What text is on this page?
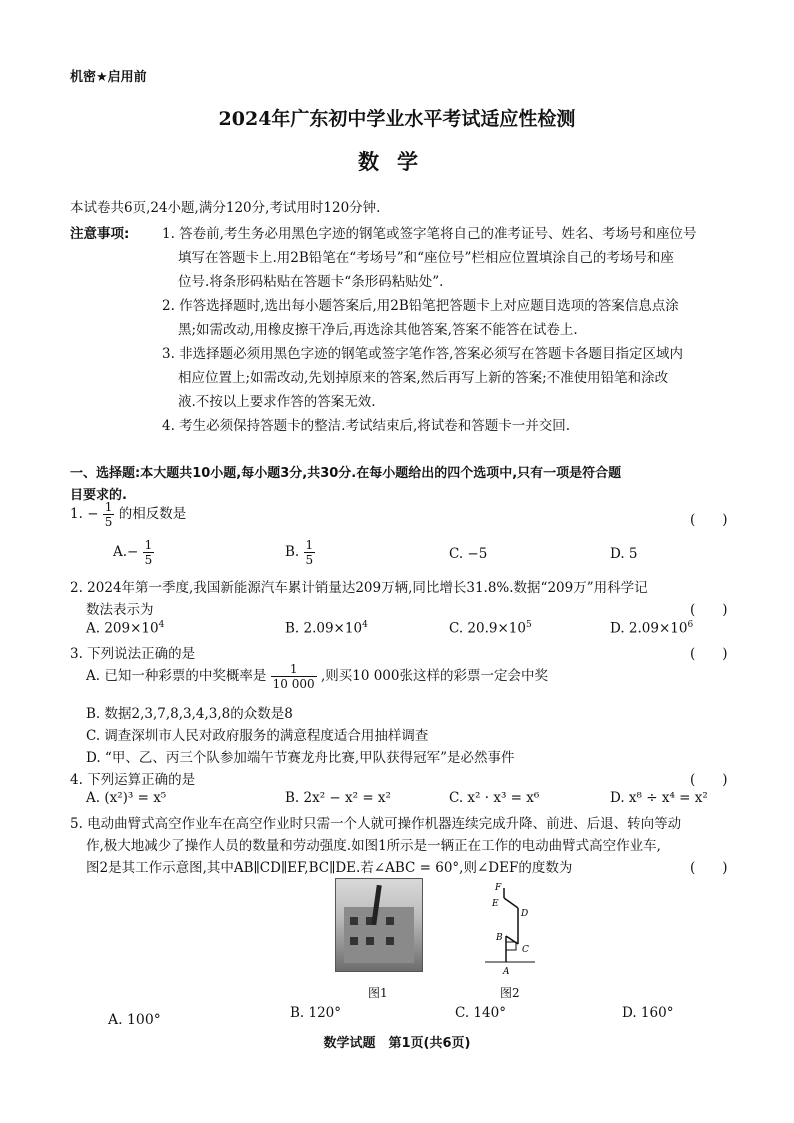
机密★启用前
2024年广东初中学业水平考试适应性检测
数学
本试卷共6页,24小题,满分120分,考试用时120分钟.
注意事项: 1. 答卷前,考生务必用黑色字迹的钢笔或签字笔将自己的准考证号、姓名、考场号和座位号
填写在答题卡上.用2B铅笔在“考场号”和“座位号”栏相应位置填涂自己的考场号和座
位号.将条形码粘贴在答题卡“条形码粘贴处”.
2. 作答选择题时,选出每小题答案后,用2B铅笔把答题卡上对应题目选项的答案信息点涂
黑;如需改动,用橡皮擦干净后,再选涂其他答案,答案不能答在试卷上.
3. 非选择题必须用黑色字迹的钢笔或签字笔作答,答案必须写在答题卡各题目指定区域内
相应位置上;如需改动,先划掉原来的答案,然后再写上新的答案;不准使用铅笔和涂改
液.不按以上要求作答的答案无效.
4. 考生必须保持答题卡的整洁.考试结束后,将试卷和答题卡一并交回.
一、选择题:本大题共10小题,每小题3分,共30分.在每小题给出的四个选项中,只有一项是符合题
目要求的.
1. − $\frac{1}{5}$ 的相反数是	(　　)
$A.- \frac{1}{5}$	B. $\frac{1}{5}$	C. −5	D. 5
2. 2024年第一季度,我国新能源汽车累计销量达209万辆,同比增长31.8%.数据“209万”用科学记
数法表示为	(　　)
A. $209\times 10^4$	B. $2.09\times 10^4$	C. $20.9\times 10^5$	D. $2.09\times 10^6$
3. 下列说法正确的是	(　　)
A. 已知一种彩票的中奖概率是 $\frac{1}{10 000}$ ,则买10 000张这样的彩票一定会中奖
B. 数据2,3,7,8,3,4,3,8的众数是8
C. 调查深圳市人民对政府服务的满意程度适合用抽样调查
D. “甲、乙、丙三个队参加端午节赛龙舟比赛,甲队获得冠军”是必然事件
4. 下列运算正确的是	(　　)
A. (x²)³ = x⁵	B. 2x² − x² = x²	C. x² · x³ = x⁶	D. x⁸ ÷ x⁴ = x²
5. 电动曲臂式高空作业车在高空作业时只需一个人就可操作机器连续完成升降、前进、后退、转向等动
作,极大地减少了操作人员的数量和劳动强度.如图1所示是一辆正在工作的电动曲臂式高空作业车,
图2是其工作示意图,其中AB∥CD∥EF,BC∥DE.若∠ABC = 60°,则∠DEF的度数为	(　　)
图1
F
E
D
B
C
A
图2
A. 100°	B. 120°	C. 140°	D. 160°
数学试题　第1页(共6页)
